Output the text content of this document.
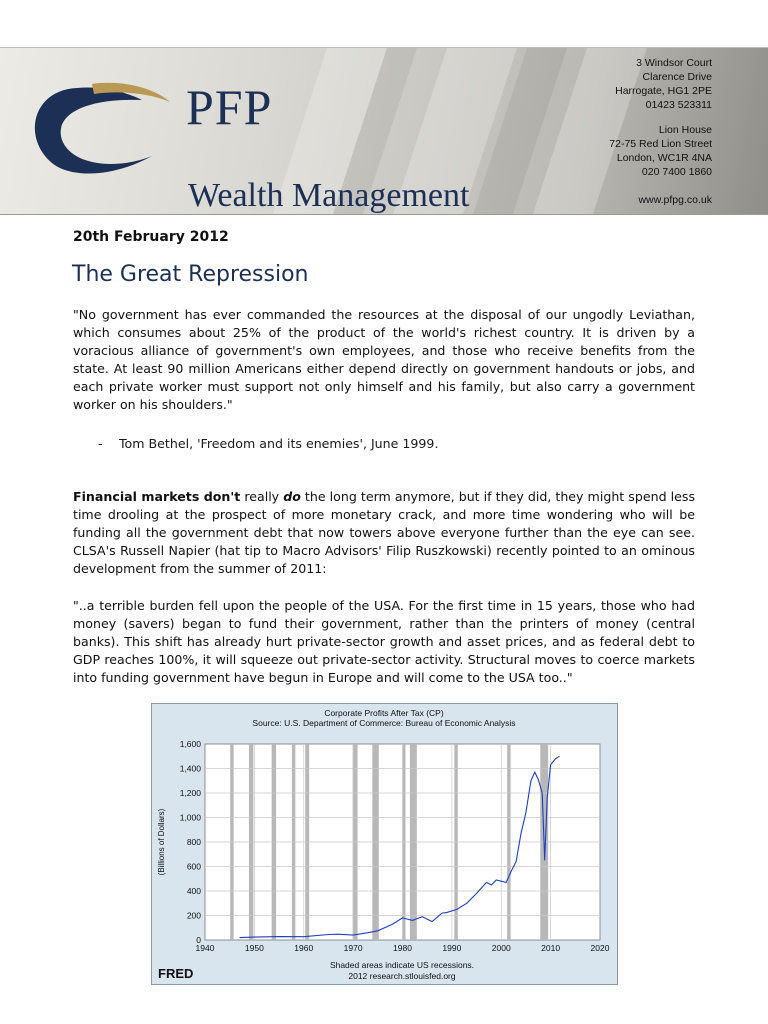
PFP
Wealth Management
3 Windsor Court
Clarence Drive
Harrogate, HG1 2PE
01423 523311
Lion House
72-75 Red Lion Street
London, WC1R 4NA
020 7400 1860
www.pfpg.co.uk
20th February 2012
The Great Repression
"No government has ever commanded the resources at the disposal of our ungodly Leviathan, which consumes about 25% of the product of the world's richest country. It is driven by a voracious alliance of government's own employees, and those who receive benefits from the state. At least 90 million Americans either depend directly on government handouts or jobs, and each private worker must support not only himself and his family, but also carry a government worker on his shoulders."
- Tom Bethel, 'Freedom and its enemies', June 1999.
Financial markets don't really do the long term anymore, but if they did, they might spend less time drooling at the prospect of more monetary crack, and more time wondering who will be funding all the government debt that now towers above everyone further than the eye can see. CLSA's Russell Napier (hat tip to Macro Advisors' Filip Ruszkowski) recently pointed to an ominous development from the summer of 2011:
"..a terrible burden fell upon the people of the USA. For the first time in 15 years, those who had money (savers) began to fund their government, rather than the printers of money (central banks). This shift has already hurt private-sector growth and asset prices, and as federal debt to GDP reaches 100%, it will squeeze out private-sector activity. Structural moves to coerce markets into funding government have begun in Europe and will come to the USA too.."
0
200
400
600
800
1,000
1,200
1,400
1,600
1940	1950	1960	1970	1980	1990	2000	2010	2020
Corporate Profits After Tax (CP)
Source: U.S. Department of Commerce: Bureau of Economic Analysis
(Billions of Dollars)
Shaded areas indicate US recessions.
2012 research.stlouisfed.org
FRED
